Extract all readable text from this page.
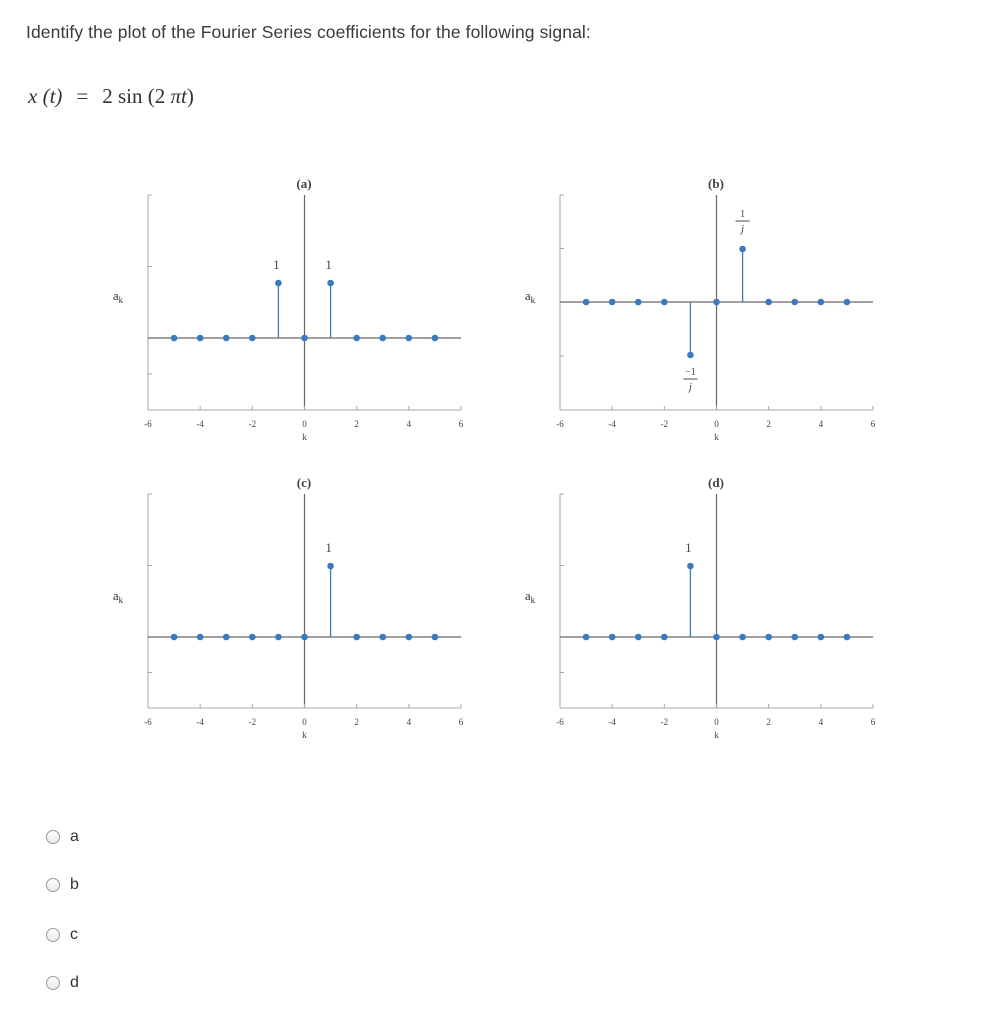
Identify the plot of the Fourier Series coefficients for the following signal:
x (t) = 2 sin (2 πt)
-6	-4	-2	0	2	4	6
k
$a_k$
(a)
1	1
-6	-4	-2	0	2	4	6
k
$a_k$
(b)
1
j
−1
j
-6	-4	-2	0	2	4	6
k
$a_k$
(c)
1
-6	-4	-2	0	2	4	6
k
$a_k$
(d)
1
a
b
c
d
